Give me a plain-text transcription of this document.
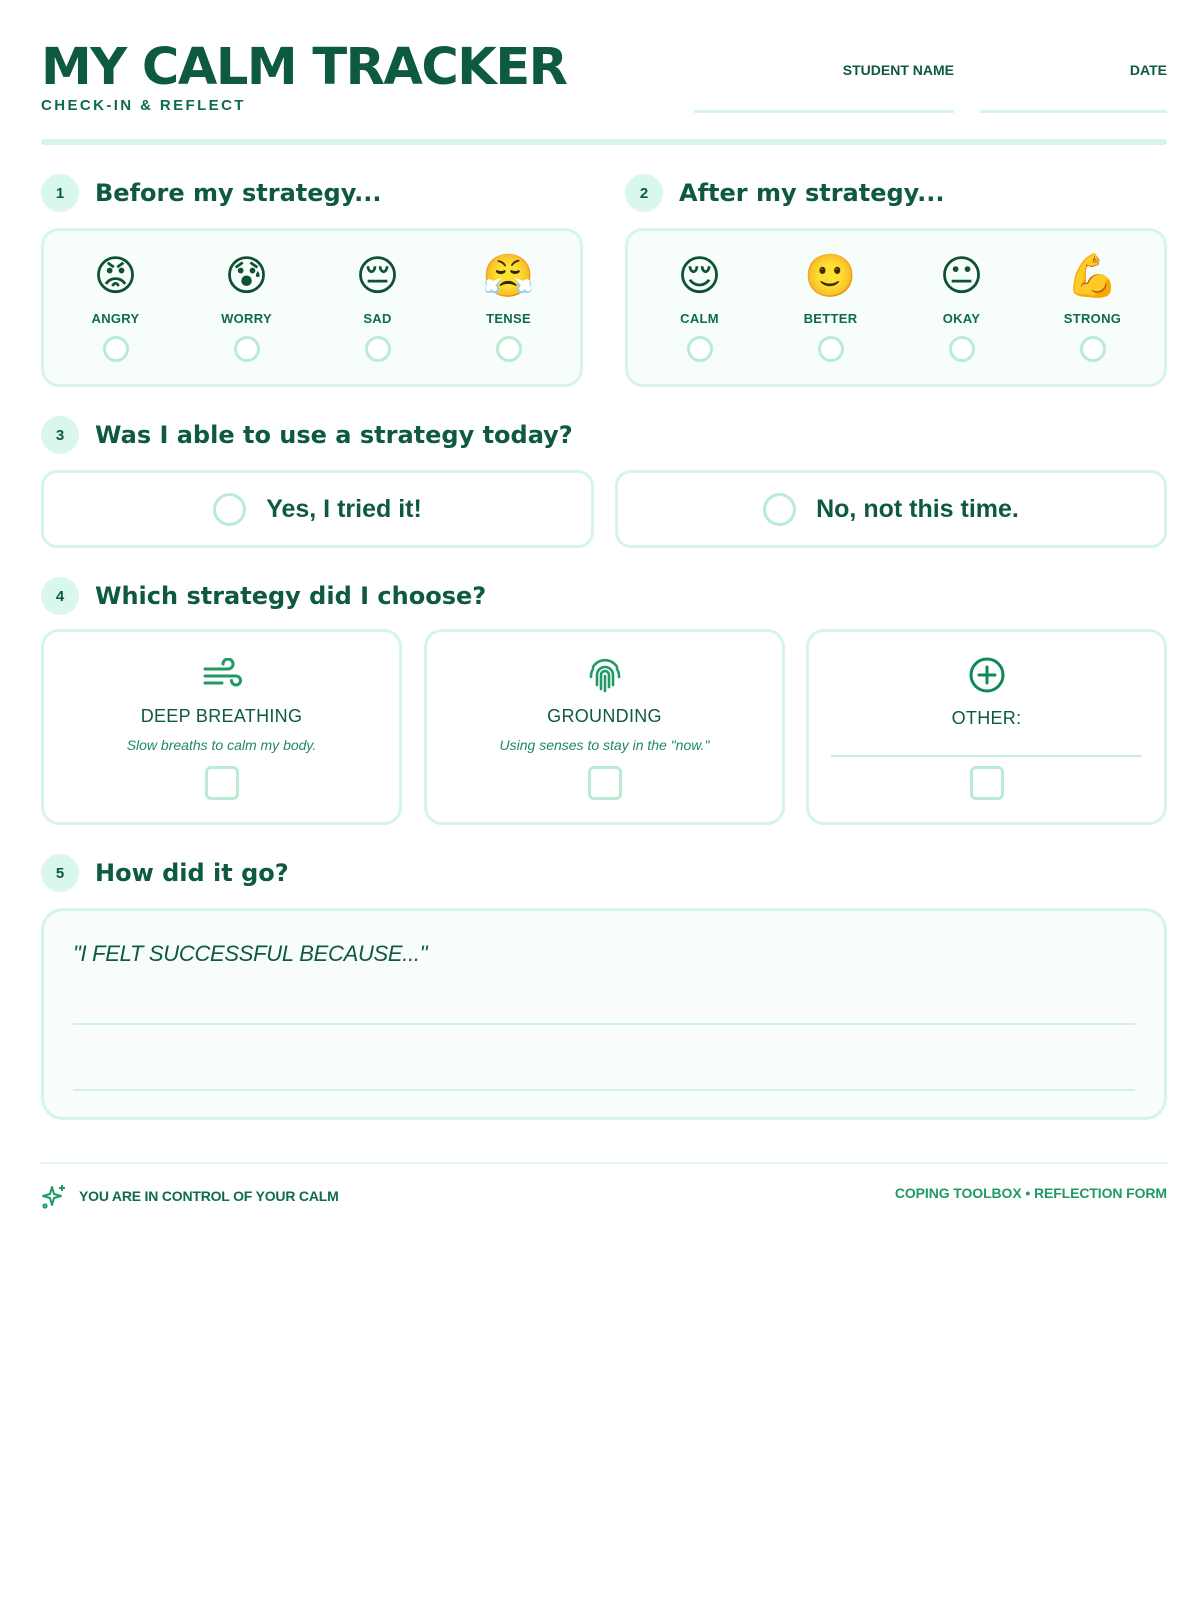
MY CALM TRACKER
CHECK-IN & REFLECT
STUDENT NAME	DATE
1	Before my strategy...
😡
ANGRY
😰
WORRY
😔
SAD
😤
TENSE
2	After my strategy...
😌
CALM
🙂
BETTER
😐
OKAY
💪
STRONG
3	Was I able to use a strategy today?
Yes, I tried it!	No, not this time.
4	Which strategy did I choose?
DEEP BREATHING
Slow breaths to calm my body.
GROUNDING
Using senses to stay in the "now."
OTHER:
5	How did it go?
"I FELT SUCCESSFUL BECAUSE..."
YOU ARE IN CONTROL OF YOUR CALM	COPING TOOLBOX • REFLECTION FORM
